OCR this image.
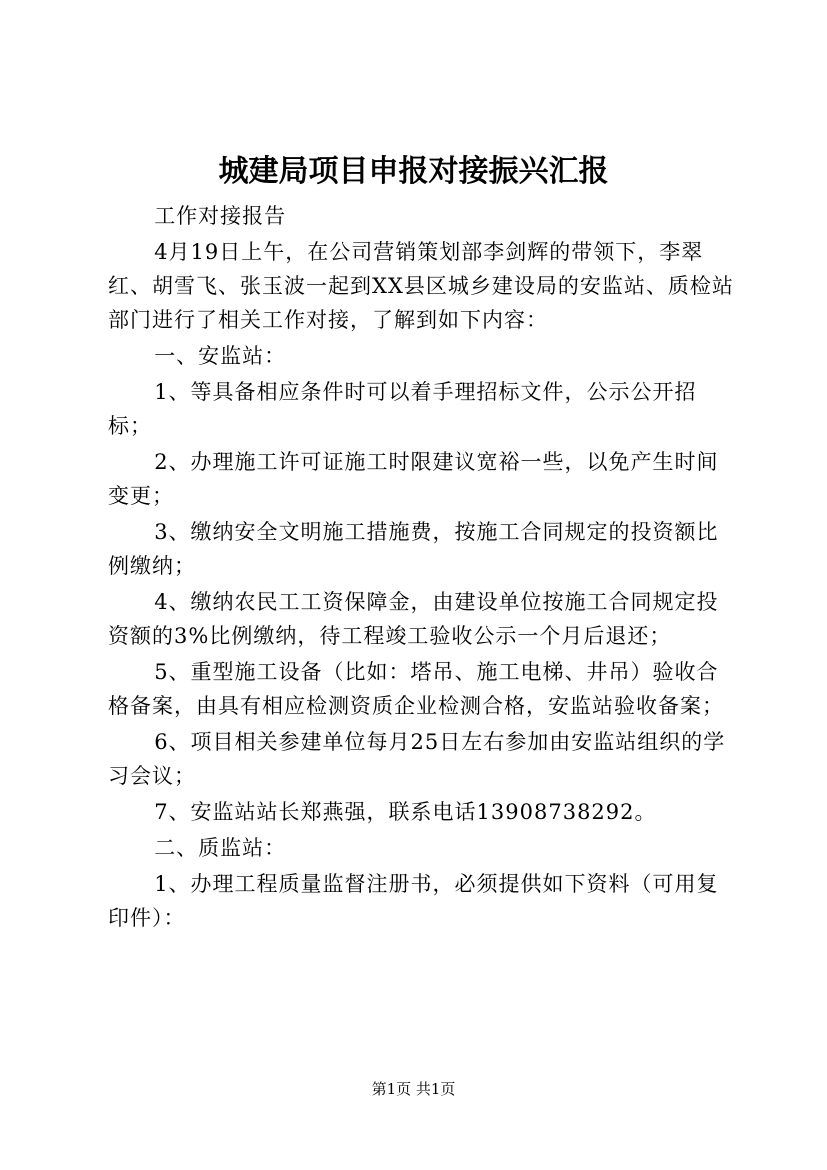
城建局项目申报对接振兴汇报

工作对接报告

4月19日上午，在公司营销策划部李剑辉的带领下，李翠红、胡雪飞、张玉波一起到XX县区城乡建设局的安监站、质检站部门进行了相关工作对接，了解到如下内容：

一、安监站：

1、等具备相应条件时可以着手理招标文件，公示公开招标；

2、办理施工许可证施工时限建议宽裕一些，以免产生时间变更；

3、缴纳安全文明施工措施费，按施工合同规定的投资额比例缴纳；

4、缴纳农民工工资保障金，由建设单位按施工合同规定投资额的3%比例缴纳，待工程竣工验收公示一个月后退还；

5、重型施工设备（比如：塔吊、施工电梯、井吊）验收合格备案，由具有相应检测资质企业检测合格，安监站验收备案；

6、项目相关参建单位每月25日左右参加由安监站组织的学习会议；

7、安监站站长郑燕强，联系电话13908738292。

二、质监站：

1、办理工程质量监督注册书，必须提供如下资料（可用复印件）：

第1页 共1页
